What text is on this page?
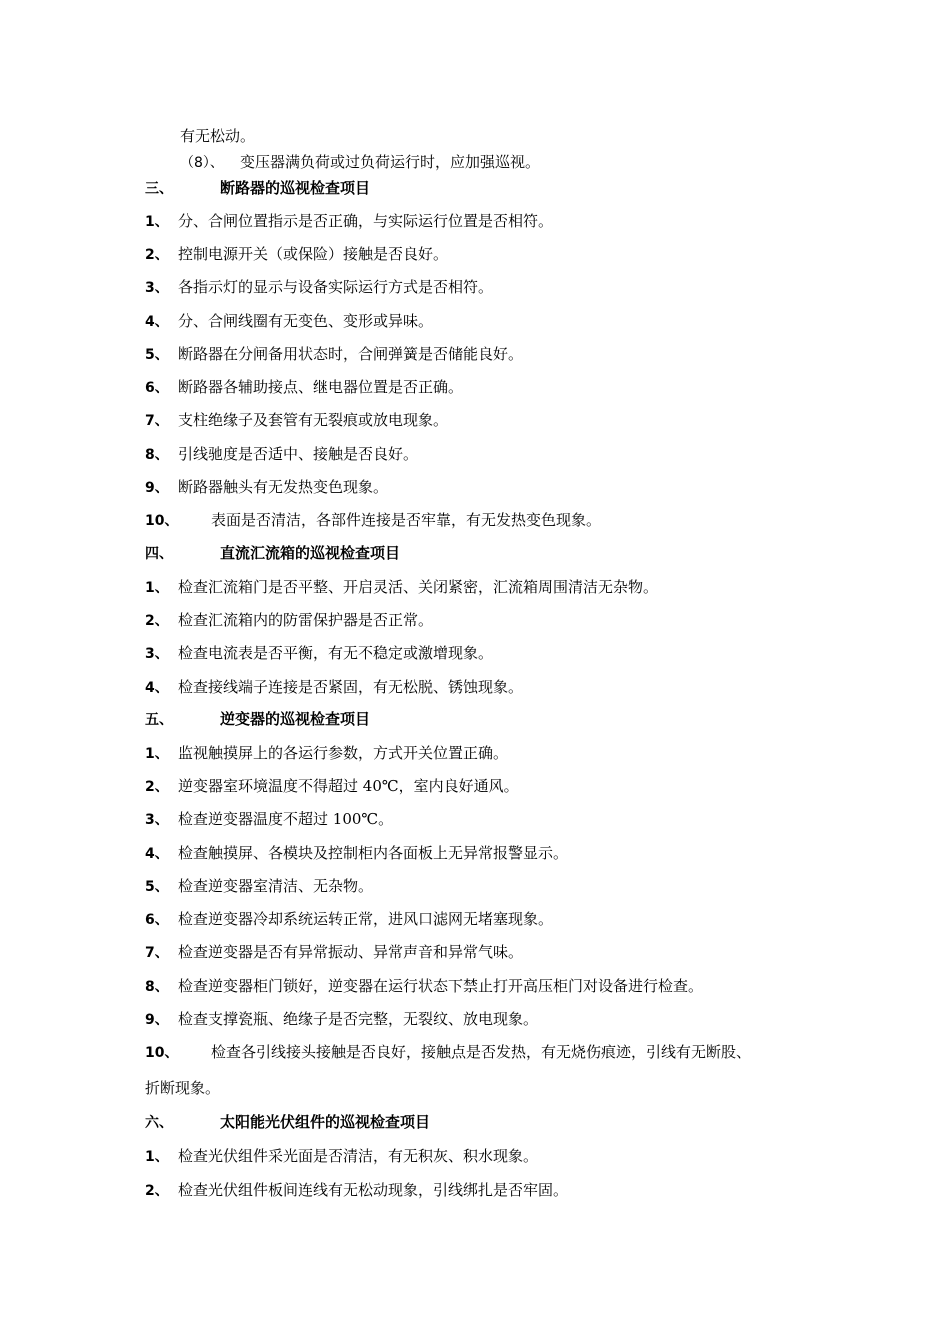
有无松动。
（8）、 变压器满负荷或过负荷运行时，应加强巡视。
三、	断路器的巡视检查项目
1、 分、合闸位置指示是否正确，与实际运行位置是否相符。
2、 控制电源开关（或保险）接触是否良好。
3、 各指示灯的显示与设备实际运行方式是否相符。
4、 分、合闸线圈有无变色、变形或异味。
5、 断路器在分闸备用状态时，合闸弹簧是否储能良好。
6、 断路器各辅助接点、继电器位置是否正确。
7、 支柱绝缘子及套管有无裂痕或放电现象。
8、 引线驰度是否适中、接触是否良好。
9、 断路器触头有无发热变色现象。
10、 表面是否清洁，各部件连接是否牢靠，有无发热变色现象。
四、	直流汇流箱的巡视检查项目
1、 检查汇流箱门是否平整、开启灵活、关闭紧密，汇流箱周围清洁无杂物。
2、 检查汇流箱内的防雷保护器是否正常。
3、 检查电流表是否平衡，有无不稳定或激增现象。
4、 检查接线端子连接是否紧固，有无松脱、锈蚀现象。
五、	逆变器的巡视检查项目
1、 监视触摸屏上的各运行参数，方式开关位置正确。
2、 逆变器室环境温度不得超过 40℃，室内良好通风。
3、 检查逆变器温度不超过 100℃。
4、 检查触摸屏、各模块及控制柜内各面板上无异常报警显示。
5、 检查逆变器室清洁、无杂物。
6、 检查逆变器冷却系统运转正常，进风口滤网无堵塞现象。
7、 检查逆变器是否有异常振动、异常声音和异常气味。
8、 检查逆变器柜门锁好，逆变器在运行状态下禁止打开高压柜门对设备进行检查。
9、 检查支撑瓷瓶、绝缘子是否完整，无裂纹、放电现象。
10、 检查各引线接头接触是否良好，接触点是否发热，有无烧伤痕迹，引线有无断股、
折断现象。
六、	太阳能光伏组件的巡视检查项目
1、 检查光伏组件采光面是否清洁，有无积灰、积水现象。
2、 检查光伏组件板间连线有无松动现象，引线绑扎是否牢固。
